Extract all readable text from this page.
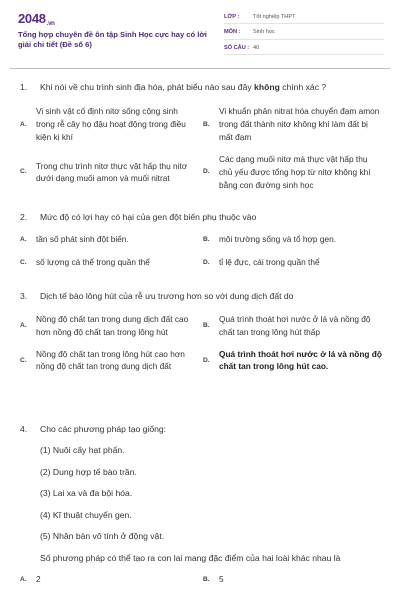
2048.vn
Tổng hợp chuyên đề ôn tập Sinh Học cực hay có lời giải chi tiết (Đề số 6)
LỚP :	Tốt nghiệp THPT
MÔN :	Sinh học
SỐ CÂU : 40
1.	Khi nói về chu trình sinh địa hóa, phát biểu nào sau đây không chính xác ?
A.
Vi sinh vật cố định nitơ sống cộng sinh trong rễ cây họ đậu hoạt động trong điều kiện kị khí
B.
Vi khuẩn phản nitrat hóa chuyển đạm amon trong đất thành nitơ không khí làm đất bị mất đạm
C.
Trong chu trình nitơ thực vật hấp thụ nitơ dưới dạng muối amon và muối nitrat
D.
Các dạng muối nitơ mà thực vật hấp thụ chủ yếu được tổng hợp từ nitơ không khí bằng con đường sinh học
2.	Mức độ có lợi hay có hại của gen đột biến phụ thuộc vào
A.	tần số phát sinh đột biến.	B.	môi trường sống và tổ hợp gen.
C.	số lượng cá thể trong quần thể	D.	tỉ lệ đực, cái trong quần thể
3.	Dịch tế bào lông hút của rễ ưu trương hơn so với dung dịch đất do
A.
Nồng độ chất tan trong dung dịch đất cao hơn nồng độ chất tan trong lông hút
B.
Quá trình thoát hơi nước ở lá và nồng độ chất tan trong lông hút thấp
C.
Nồng độ chất tan trong lông hút cao hơn nồng độ chất tan trong dung dịch đất
D.
Quá trình thoát hơi nước ở lá và nồng độ chất tan trong lông hút cao.
4.	Cho các phương pháp tạo giống:
(1) Nuôi cấy hạt phấn.
(2) Dung hợp tế bào trần.
(3) Lai xa và đa bội hóa.
(4) Kĩ thuật chuyển gen.
(5) Nhân bản vô tính ở động vật.
Số phương pháp có thể tạo ra con lai mang đặc điểm của hai loài khác nhau là
A.	2	B.	5
